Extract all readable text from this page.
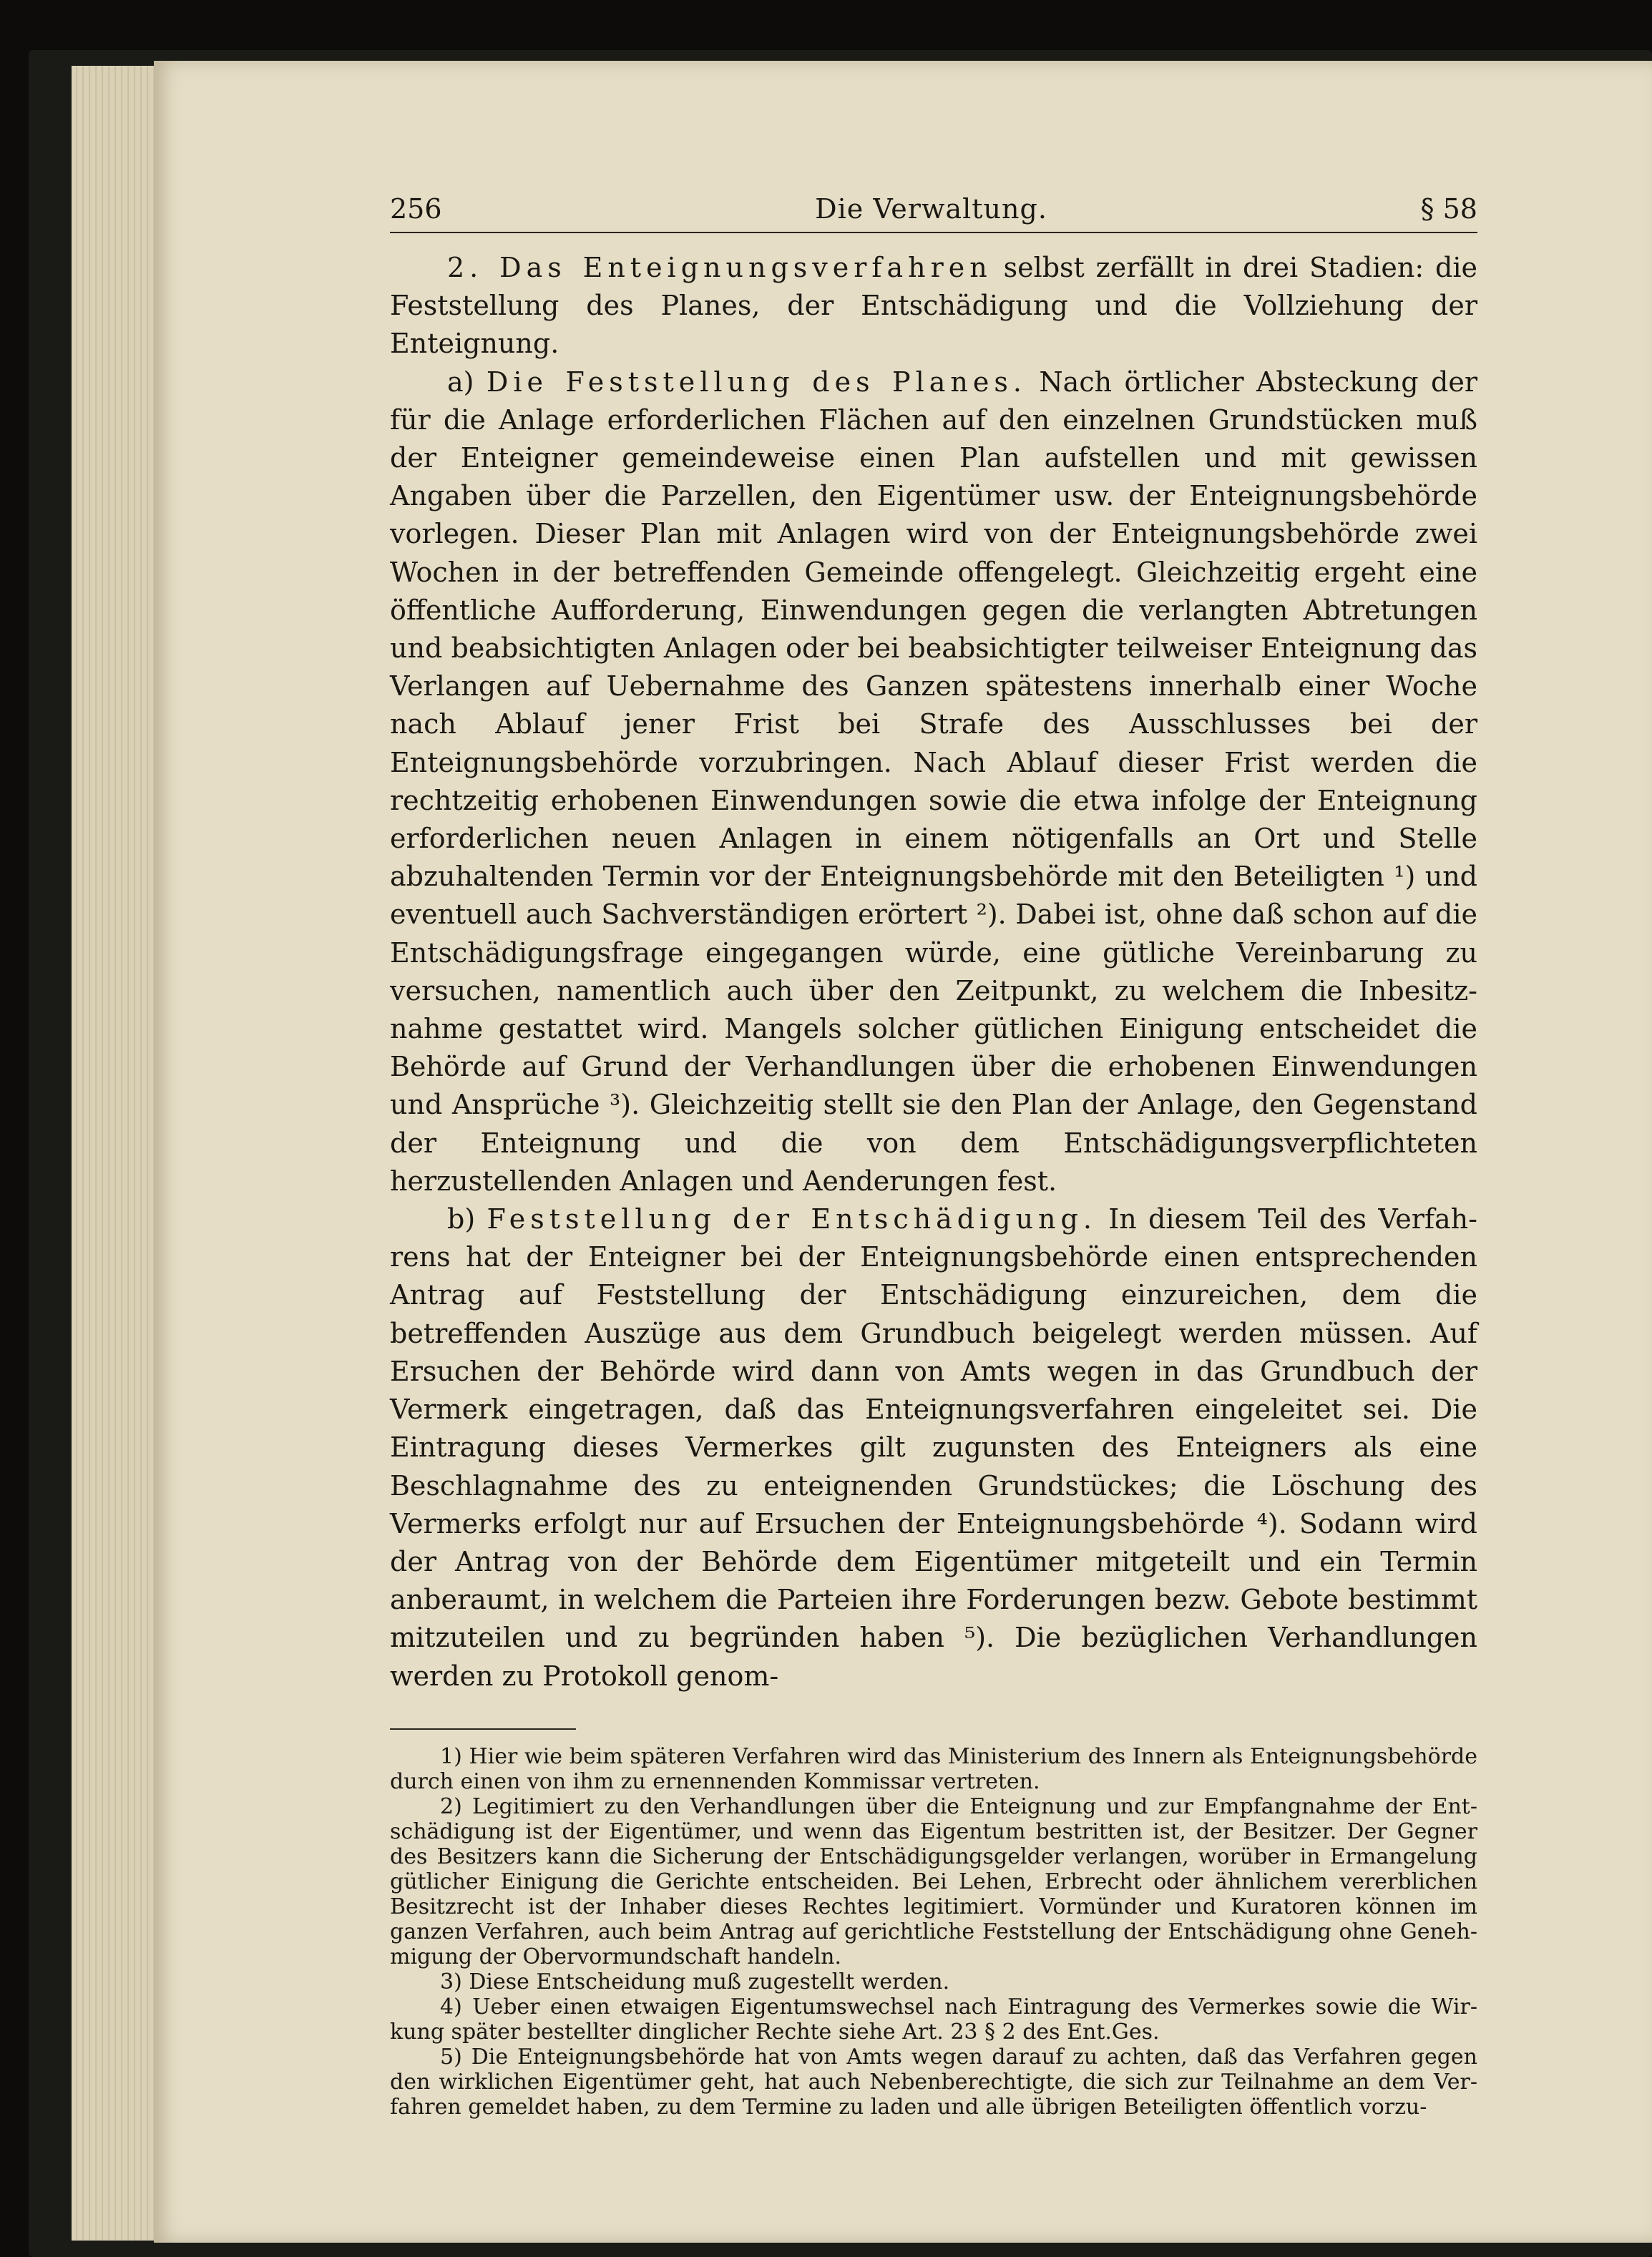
256	Die Verwaltung.	§ 58

2. Das Enteignungsverfahren selbst zerfällt in drei Stadien: die Feststellung des Planes, der Entschädigung und die Vollziehung der Enteignung.

a) Die Feststellung des Planes. Nach örtlicher Absteckung der für die Anlage erforderlichen Flächen auf den einzelnen Grundstücken muß der Enteigner gemeindeweise einen Plan aufstellen und mit gewissen Angaben über die Parzellen, den Eigentümer usw. der Enteignungsbehörde vorlegen. Dieser Plan mit Anlagen wird von der Enteignungsbehörde zwei Wochen in der betreffenden Gemeinde offengelegt. Gleichzeitig ergeht eine öffentliche Aufforderung, Einwendungen gegen die verlangten Abtretungen und beabsichtigten Anlagen oder bei beabsichtigter teilweiser Enteignung das Verlangen auf Uebernahme des Ganzen spätestens innerhalb einer Woche nach Ablauf jener Frist bei Strafe des Ausschlusses bei der Enteignungsbehörde vorzubringen. Nach Ablauf dieser Frist werden die rechtzeitig erhobenen Einwendungen sowie die etwa infolge der Enteignung erforderlichen neuen Anlagen in einem nötigenfalls an Ort und Stelle abzuhaltenden Termin vor der Enteignungsbehörde mit den Beteiligten ¹) und eventuell auch Sachverständigen erörtert ²). Dabei ist, ohne daß schon auf die Entschädigungsfrage eingegangen würde, eine gütliche Vereinbarung zu versuchen, namentlich auch über den Zeitpunkt, zu welchem die Inbesitznahme gestattet wird. Mangels solcher gütlichen Einigung entscheidet die Behörde auf Grund der Verhandlungen über die erhobenen Einwendungen und Ansprüche ³). Gleichzeitig stellt sie den Plan der Anlage, den Gegenstand der Enteignung und die von dem Entschädigungsverpflichteten herzustellenden Anlagen und Aenderungen fest.

b) Feststellung der Entschädigung. In diesem Teil des Verfahrens hat der Enteigner bei der Enteignungsbehörde einen entsprechenden Antrag auf Feststellung der Entschädigung einzureichen, dem die betreffenden Auszüge aus dem Grundbuch beigelegt werden müssen. Auf Ersuchen der Behörde wird dann von Amts wegen in das Grundbuch der Vermerk eingetragen, daß das Enteignungsverfahren eingeleitet sei. Die Eintragung dieses Vermerkes gilt zugunsten des Enteigners als eine Beschlagnahme des zu enteignenden Grundstückes; die Löschung des Vermerks erfolgt nur auf Ersuchen der Enteignungsbehörde ⁴). Sodann wird der Antrag von der Behörde dem Eigentümer mitgeteilt und ein Termin anberaumt, in welchem die Parteien ihre Forderungen bezw. Gebote bestimmt mitzuteilen und zu begründen haben ⁵). Die bezüglichen Verhandlungen werden zu Protokoll genom-

1) Hier wie beim späteren Verfahren wird das Ministerium des Innern als Enteignungsbehörde durch einen von ihm zu ernennenden Kommissar vertreten.

2) Legitimiert zu den Verhandlungen über die Enteignung und zur Empfangnahme der Entschädigung ist der Eigentümer, und wenn das Eigentum bestritten ist, der Besitzer. Der Gegner des Besitzers kann die Sicherung der Entschädigungsgelder verlangen, worüber in Ermangelung gütlicher Einigung die Gerichte entscheiden. Bei Lehen, Erbrecht oder ähnlichem vererblichen Besitzrecht ist der Inhaber dieses Rechtes legitimiert. Vormünder und Kuratoren können im ganzen Verfahren, auch beim Antrag auf gerichtliche Feststellung der Entschädigung ohne Genehmigung der Obervormundschaft handeln.

3) Diese Entscheidung muß zugestellt werden.

4) Ueber einen etwaigen Eigentumswechsel nach Eintragung des Vermerkes sowie die Wirkung später bestellter dinglicher Rechte siehe Art. 23 § 2 des Ent.Ges.

5) Die Enteignungsbehörde hat von Amts wegen darauf zu achten, daß das Verfahren gegen den wirklichen Eigentümer geht, hat auch Nebenberechtigte, die sich zur Teilnahme an dem Verfahren gemeldet haben, zu dem Termine zu laden und alle übrigen Beteiligten öffentlich vorzu-
